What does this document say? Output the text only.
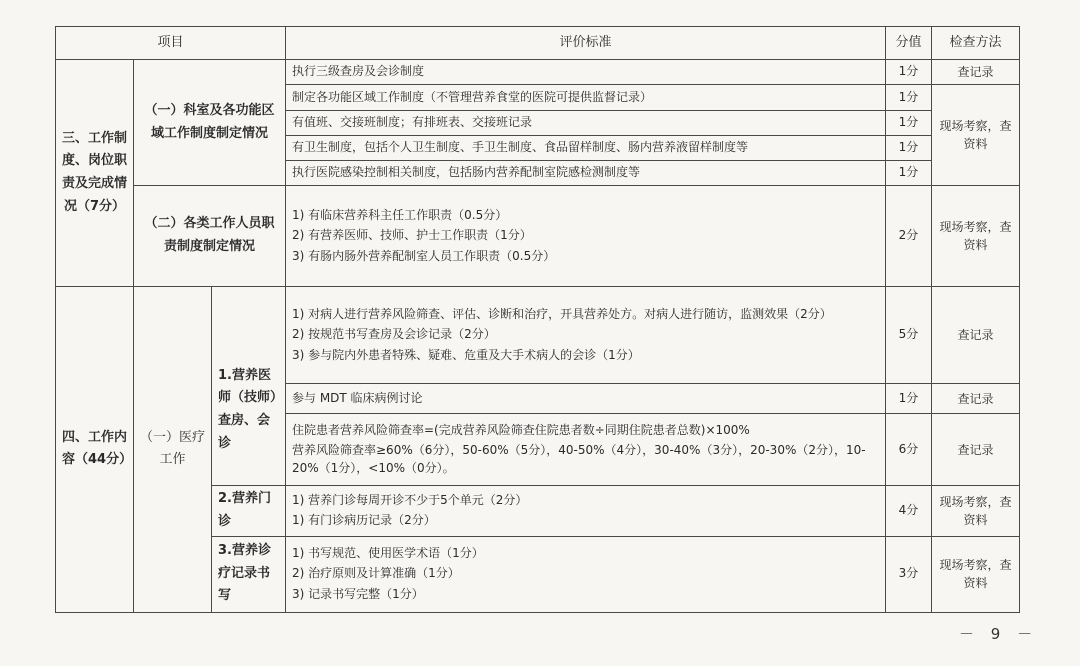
项目			评价标准	分值	检查方法
三、工作制度、岗位职责及完成情况（7分）	（一）科室及各功能区域工作制度制定情况		执行三级查房及会诊制度	1分	查记录
			制定各功能区域工作制度（不管理营养食堂的医院可提供监督记录）	1分	现场考察，查资料
			有值班、交接班制度；有排班表、交接班记录	1分	
			有卫生制度，包括个人卫生制度、手卫生制度、食品留样制度、肠内营养液留样制度等	1分	
			执行医院感染控制相关制度，包括肠内营养配制室院感检测制度等	1分	
	（二）各类工作人员职责制度制定情况		1) 有临床营养科主任工作职责（0.5分）
2) 有营养医师、技师、护士工作职责（1分）
3) 有肠内肠外营养配制室人员工作职责（0.5分）	2分	现场考察，查资料
四、工作内容（44分）	（一）医疗工作	1.营养医师（技师）查房、会诊	1) 对病人进行营养风险筛查、评估、诊断和治疗，开具营养处方。对病人进行随访，监测效果（2分）
2) 按规范书写查房及会诊记录（2分）
3) 参与院内外患者特殊、疑难、危重及大手术病人的会诊（1分）	5分	查记录
			参与 MDT 临床病例讨论	1分	查记录

			住院患者营养风险筛查率=(完成营养风险筛查住院患者数÷同期住院患者总数)×100%
营养风险筛查率≥60%（6分），50-60%（5分），40-50%（4分），30-40%（3分），20-30%（2分），10-20%（1分），<10%（0分）。	6分	查记录
		2.营养门诊	1) 营养门诊每周开诊不少于5个单元（2分）
1) 有门诊病历记录（2分）	4分	现场考察，查资料
		3.营养诊疗记录书写	1) 书写规范、使用医学术语（1分）
2) 治疗原则及计算准确（1分）
3) 记录书写完整（1分）	3分	现场考察，查资料
－ 9 －
